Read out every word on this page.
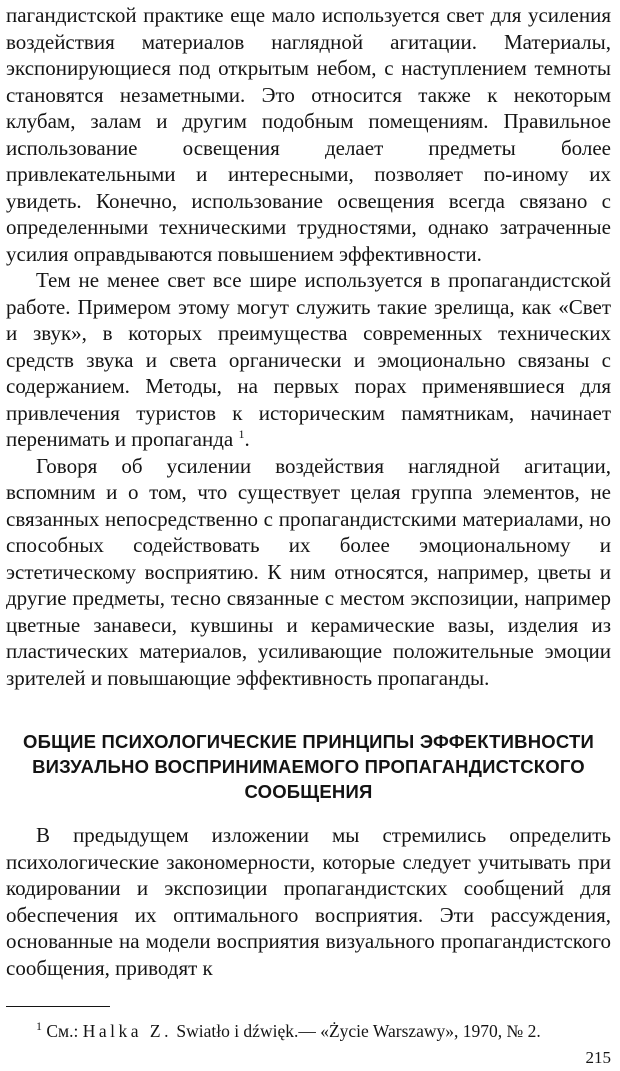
пагандистской практике еще мало используется свет для усиления воздействия материалов наглядной агитации. Материалы, экспонирующиеся под открытым небом, с наступлением темноты становятся незаметными. Это относится также к некоторым клубам, залам и другим подобным помещениям. Правильное использование освещения делает предметы более привлекательными и интересными, позволяет по-иному их увидеть. Конечно, использование освещения всегда связано с определенными техническими трудностями, однако затраченные усилия оправдываются повышением эффективности.

Тем не менее свет все шире используется в пропагандистской работе. Примером этому могут служить такие зрелища, как «Свет и звук», в которых преимущества современных технических средств звука и света органически и эмоционально связаны с содержанием. Методы, на первых порах применявшиеся для привлечения туристов к историческим памятникам, начинает перенимать и пропаганда $^1$.

Говоря об усилении воздействия наглядной агитации, вспомним и о том, что существует целая группа элементов, не связанных непосредственно с пропагандистскими материалами, но способных содействовать их более эмоциональному и эстетическому восприятию. К ним относятся, например, цветы и другие предметы, тесно связанные с местом экспозиции, например цветные занавеси, кувшины и керамические вазы, изделия из пластических материалов, усиливающие положительные эмоции зрителей и повышающие эффективность пропаганды.

ОБЩИЕ ПСИХОЛОГИЧЕСКИЕ ПРИНЦИПЫ ЭФФЕКТИВНОСТИ
ВИЗУАЛЬНО ВОСПРИНИМАЕМОГО ПРОПАГАНДИСТСКОГО
СООБЩЕНИЯ

В предыдущем изложении мы стремились определить психологические закономерности, которые следует учитывать при кодировании и экспозиции пропагандистских сообщений для обеспечения их оптимального восприятия. Эти рассуждения, основанные на модели восприятия визуального пропагандистского сообщения, приводят к

$^1$ См.: Halka Z. Swiatło i dźwięk.— «Życie Warszawy», 1970, № 2.
215
